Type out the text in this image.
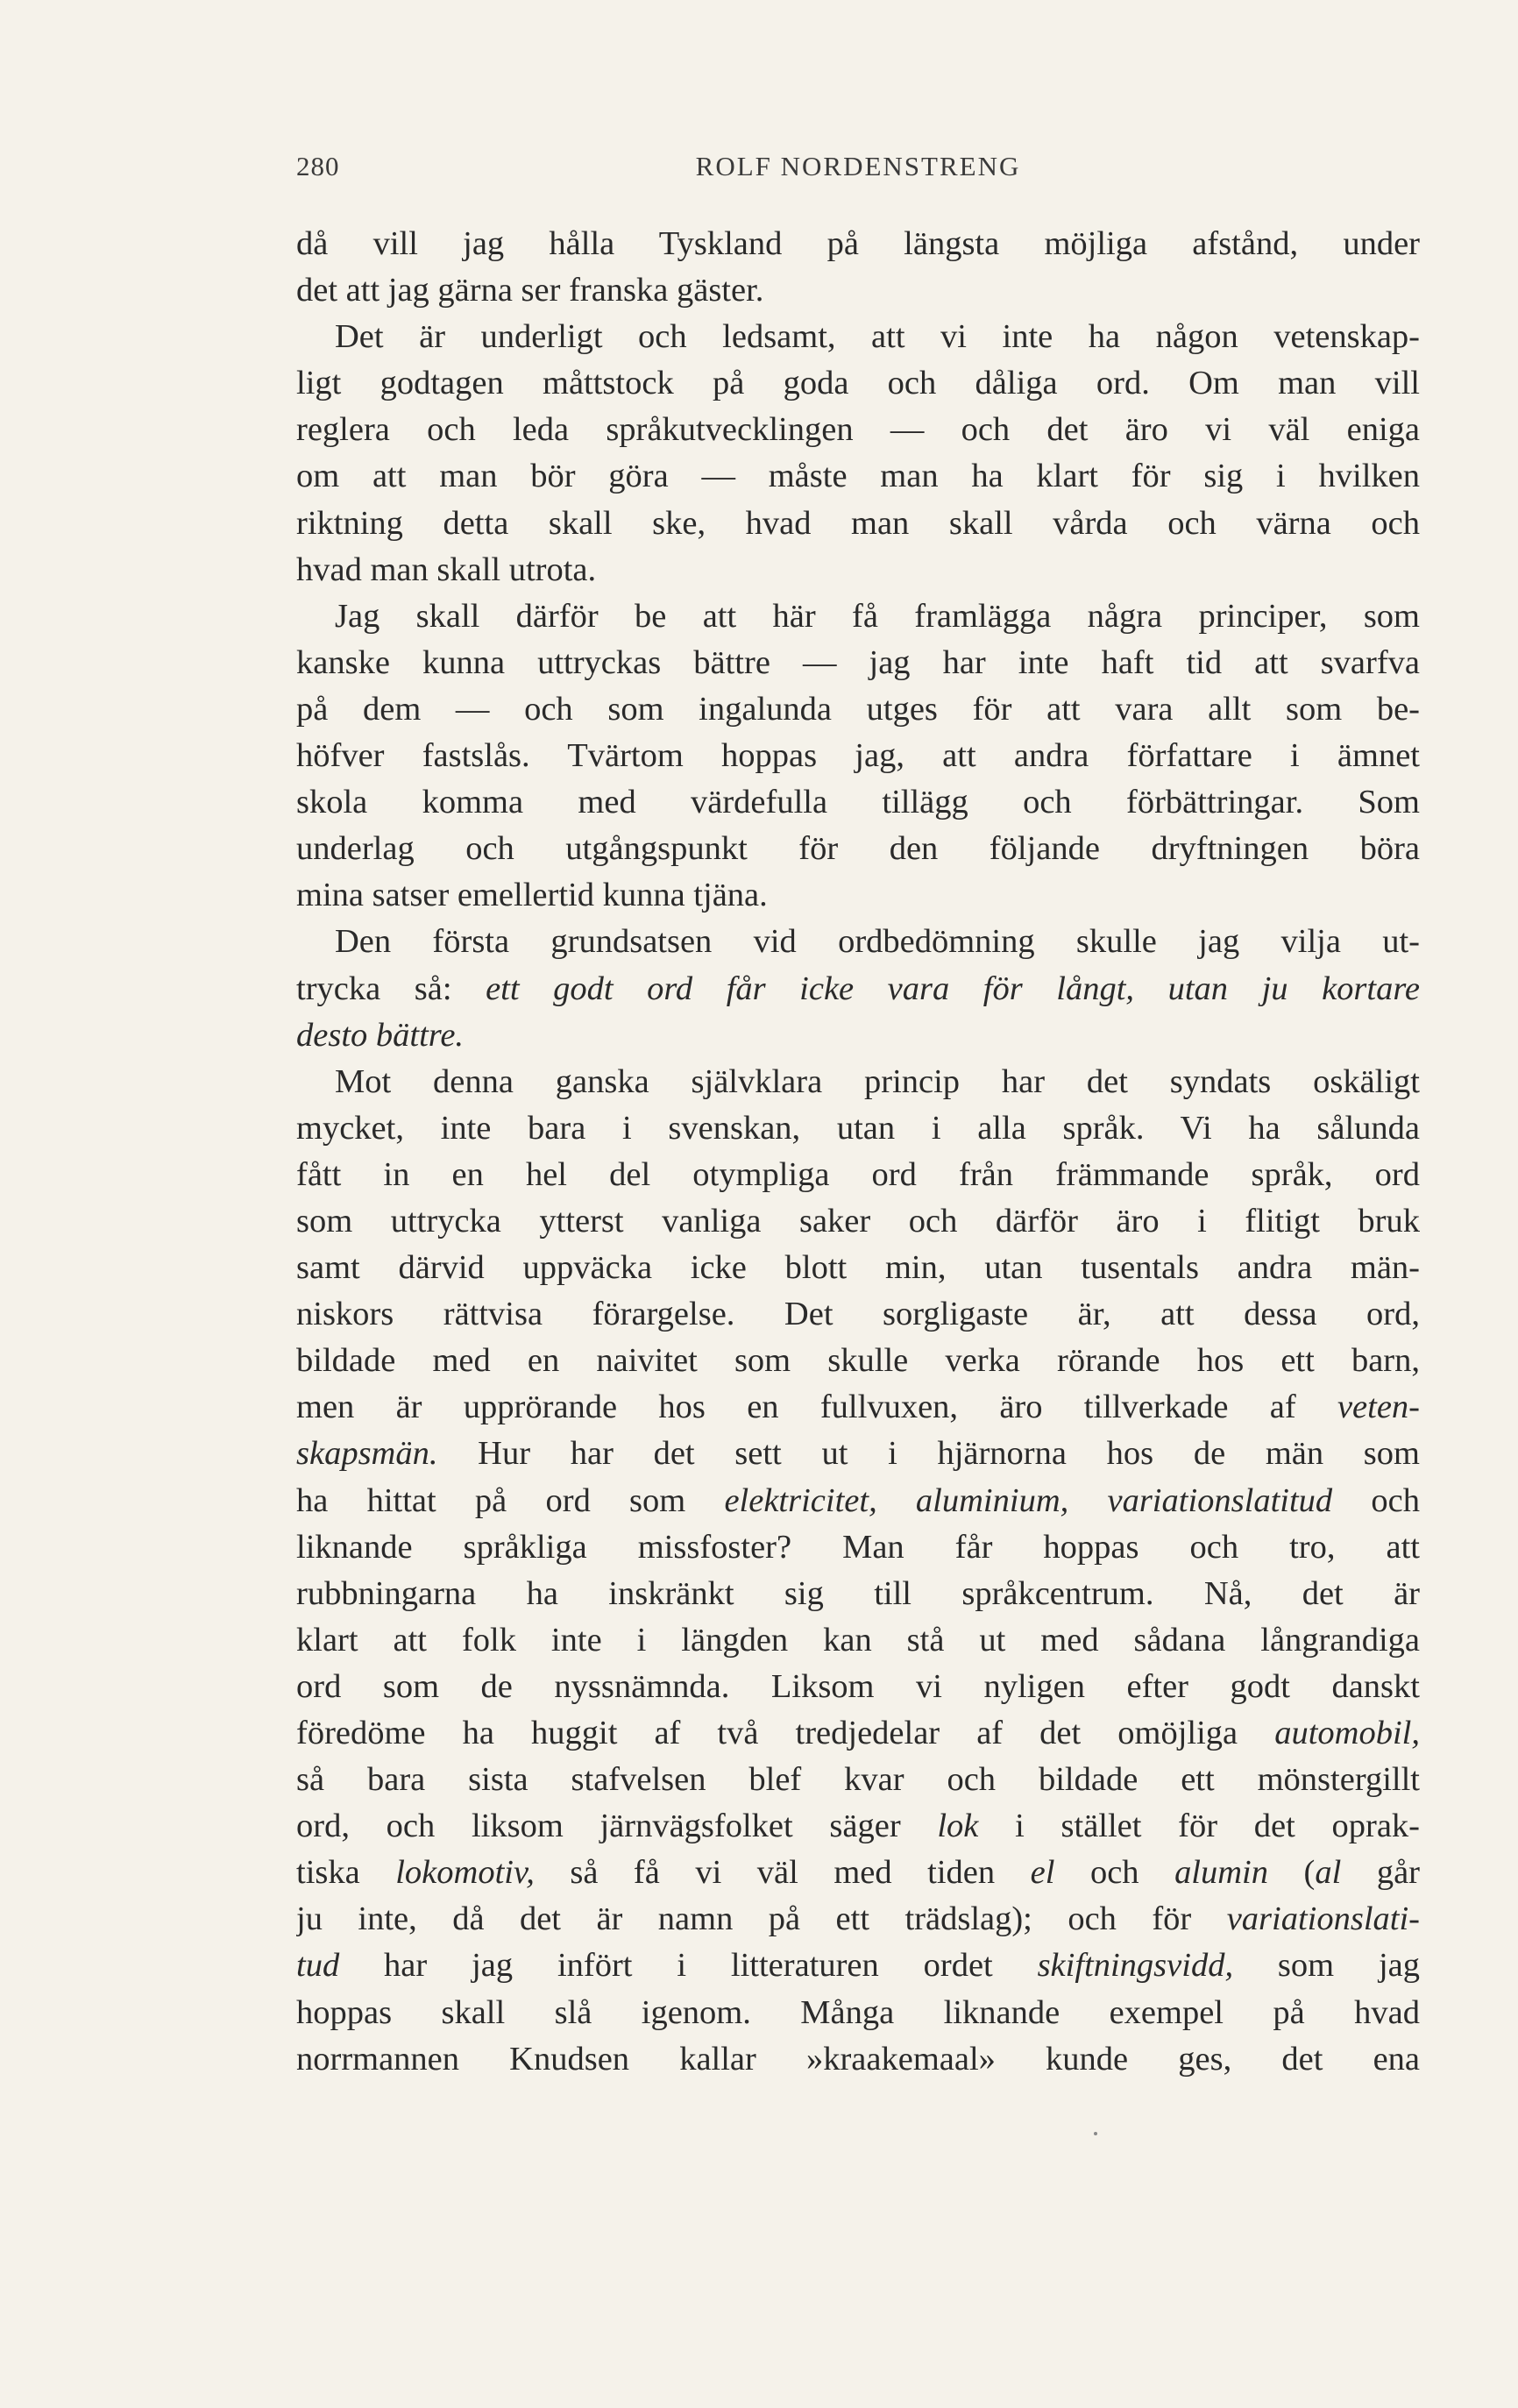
280	ROLF NORDENSTRENG
då vill jag hålla Tyskland på längsta möjliga afstånd, under
det att jag gärna ser franska gäster.
Det är underligt och ledsamt, att vi inte ha någon vetenskap-
ligt godtagen måttstock på goda och dåliga ord. Om man vill
reglera och leda språkutvecklingen — och det äro vi väl eniga
om att man bör göra — måste man ha klart för sig i hvilken
riktning detta skall ske, hvad man skall vårda och värna och
hvad man skall utrota.
Jag skall därför be att här få framlägga några principer, som
kanske kunna uttryckas bättre — jag har inte haft tid att svarfva
på dem — och som ingalunda utges för att vara allt som be-
höfver fastslås. Tvärtom hoppas jag, att andra författare i ämnet
skola komma med värdefulla tillägg och förbättringar. Som
underlag och utgångspunkt för den följande dryftningen böra
mina satser emellertid kunna tjäna.
Den första grundsatsen vid ordbedömning skulle jag vilja ut-
trycka så: ett godt ord får icke vara för långt, utan ju kortare
desto bättre.
Mot denna ganska självklara princip har det syndats oskäligt
mycket, inte bara i svenskan, utan i alla språk. Vi ha sålunda
fått in en hel del otympliga ord från främmande språk, ord
som uttrycka ytterst vanliga saker och därför äro i flitigt bruk
samt därvid uppväcka icke blott min, utan tusentals andra män-
niskors rättvisa förargelse. Det sorgligaste är, att dessa ord,
bildade med en naivitet som skulle verka rörande hos ett barn,
men är upprörande hos en fullvuxen, äro tillverkade af veten-
skapsmän. Hur har det sett ut i hjärnorna hos de män som
ha hittat på ord som elektricitet, aluminium, variationslatitud och
liknande språkliga missfoster? Man får hoppas och tro, att
rubbningarna ha inskränkt sig till språkcentrum. Nå, det är
klart att folk inte i längden kan stå ut med sådana långrandiga
ord som de nyssnämnda. Liksom vi nyligen efter godt danskt
föredöme ha huggit af två tredjedelar af det omöjliga automobil,
så bara sista stafvelsen blef kvar och bildade ett mönstergillt
ord, och liksom järnvägsfolket säger lok i stället för det oprak-
tiska lokomotiv, så få vi väl med tiden el och alumin (al går
ju inte, då det är namn på ett trädslag); och för variationslati-
tud har jag infört i litteraturen ordet skiftningsvidd, som jag
hoppas skall slå igenom. Många liknande exempel på hvad
norrmannen Knudsen kallar »kraakemaal» kunde ges, det ena
